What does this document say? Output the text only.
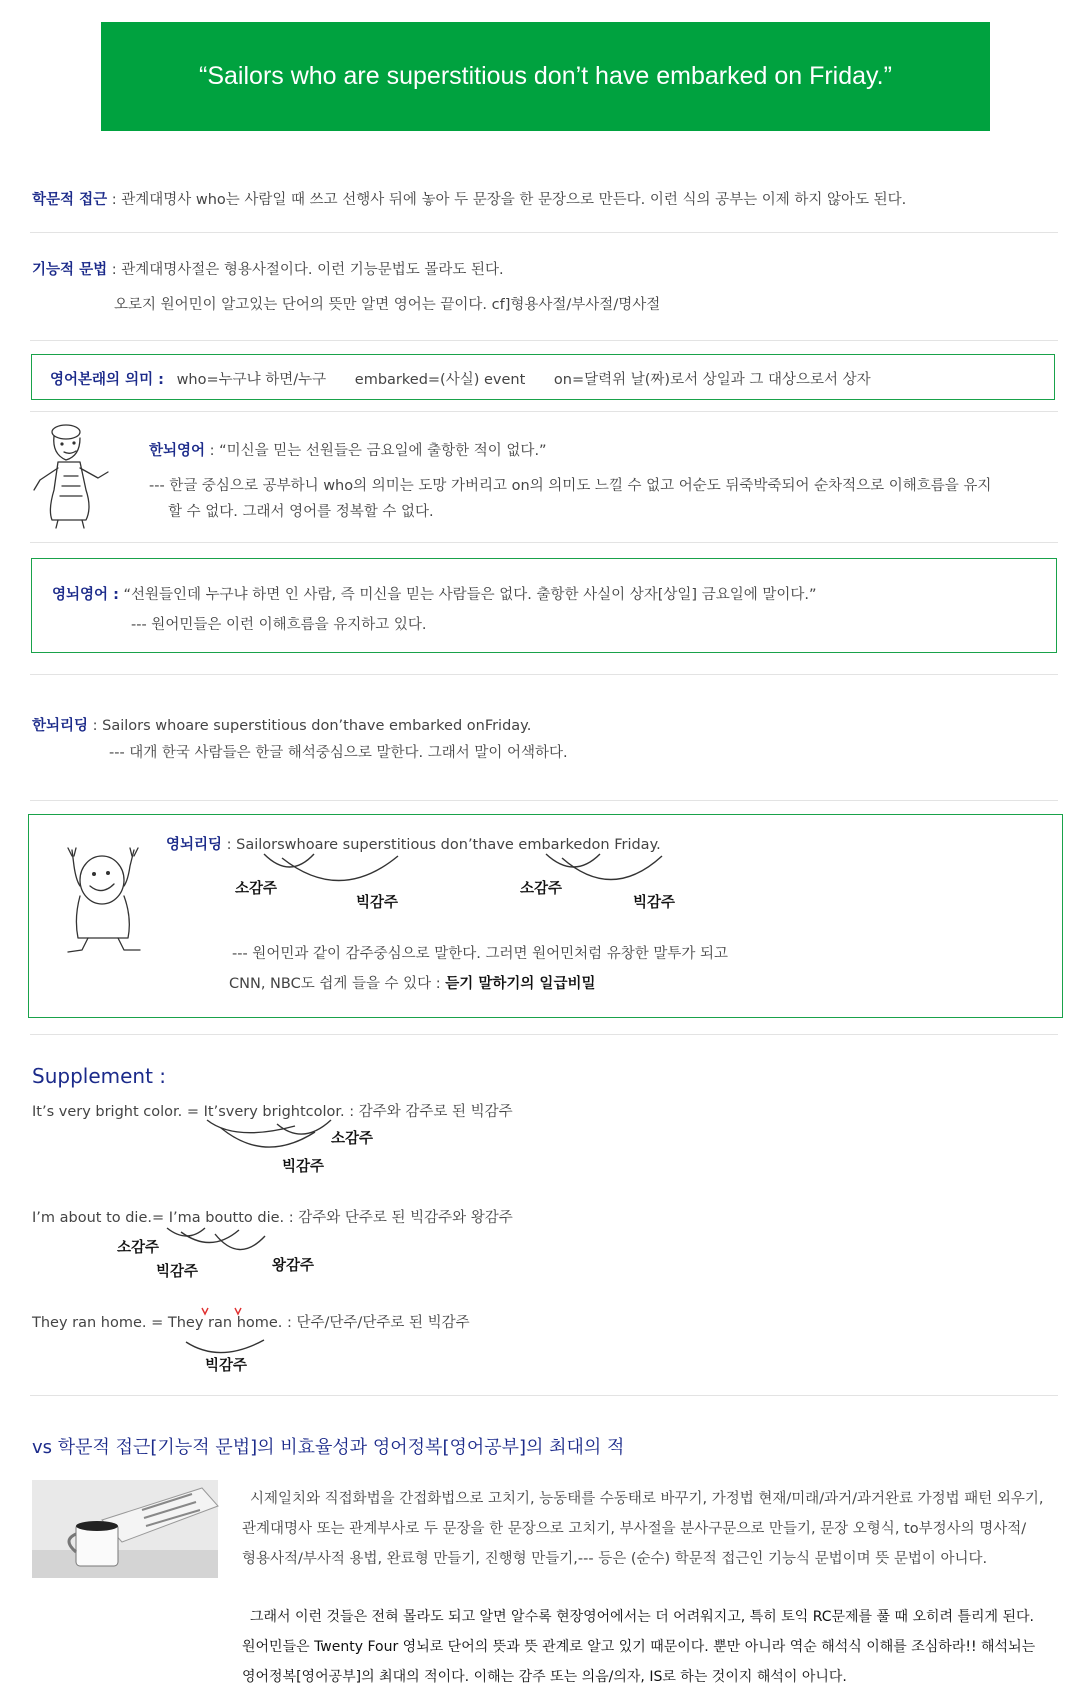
“Sailors who are superstitious don’t have embarked on Friday.”
학문적 접근 : 관계대명사 who는 사람일 때 쓰고 선행사 뒤에 놓아 두 문장을 한 문장으로 만든다. 이런 식의 공부는 이제 하지 않아도 된다.
기능적 문법 : 관계대명사절은 형용사절이다. 이런 기능문법도 몰라도 된다.
오로지 원어민이 알고있는 단어의 뜻만 알면 영어는 끝이다. cf]형용사절/부사절/명사절
영어본래의 의미 : who=누구냐 하면/누구 embarked=(사실) event on=달력위 날(짜)로서 상일과 그 대상으로서 상자
한뇌영어 : “미신을 믿는 선원들은 금요일에 출항한 적이 없다.”
--- 한글 중심으로 공부하니 who의 의미는 도망 가버리고 on의 의미도 느낄 수 없고 어순도 뒤죽박죽되어 순차적으로 이해흐름을 유지
할 수 없다. 그래서 영어를 정복할 수 없다.
영뇌영어 : “선원들인데 누구냐 하면 인 사람, 즉 미신을 믿는 사람들은 없다. 출항한 사실이 상자[상일] 금요일에 말이다.”
--- 원어민들은 이런 이해흐름을 유지하고 있다.
한뇌리딩 : Sailors whoare superstitious don’thave embarked onFriday.
--- 대개 한국 사람들은 한글 해석중심으로 말한다. 그래서 말이 어색하다.
영뇌리딩 : Sailorswhoare superstitious don’thave embarkedon Friday.
소감주
빅감주
소감주
빅감주
--- 원어민과 같이 감주중심으로 말한다. 그러면 원어민처럼 유창한 말투가 되고
CNN, NBC도 쉽게 들을 수 있다 : 듣기 말하기의 일급비밀
Supplement :
It’s very bright color. = It’svery brightcolor. : 감주와 감주로 된 빅감주
소감주
빅감주
I’m about to die.= I’ma boutto die. : 감주와 단주로 된 빅감주와 왕감주
소감주
빅감주	왕감주
They ran home. = They ran home. : 단주/단주/단주로 된 빅감주
빅감주
vs 학문적 접근[기능적 문법]의 비효율성과 영어정복[영어공부]의 최대의 적
시제일치와 직접화법을 간접화법으로 고치기, 능동태를 수동태로 바꾸기, 가정법 현재/미래/과거/과거완료 가정법 패턴 외우기,
관계대명사 또는 관계부사로 두 문장을 한 문장으로 고치기, 부사절을 분사구문으로 만들기, 문장 오형식, to부정사의 명사적/
형용사적/부사적 용법, 완료형 만들기, 진행형 만들기,--- 등은 (순수) 학문적 접근인 기능식 문법이며 뜻 문법이 아니다.
그래서 이런 것들은 전혀 몰라도 되고 알면 알수록 현장영어에서는 더 어려워지고, 특히 토익 RC문제를 풀 때 오히려 틀리게 된다.
원어민들은 Twenty Four 영뇌로 단어의 뜻과 뜻 관계로 알고 있기 때문이다. 뿐만 아니라 역순 해석식 이해를 조심하라!! 해석뇌는
영어정복[영어공부]의 최대의 적이다. 이해는 감주 또는 의음/의자, IS로 하는 것이지 해석이 아니다.
